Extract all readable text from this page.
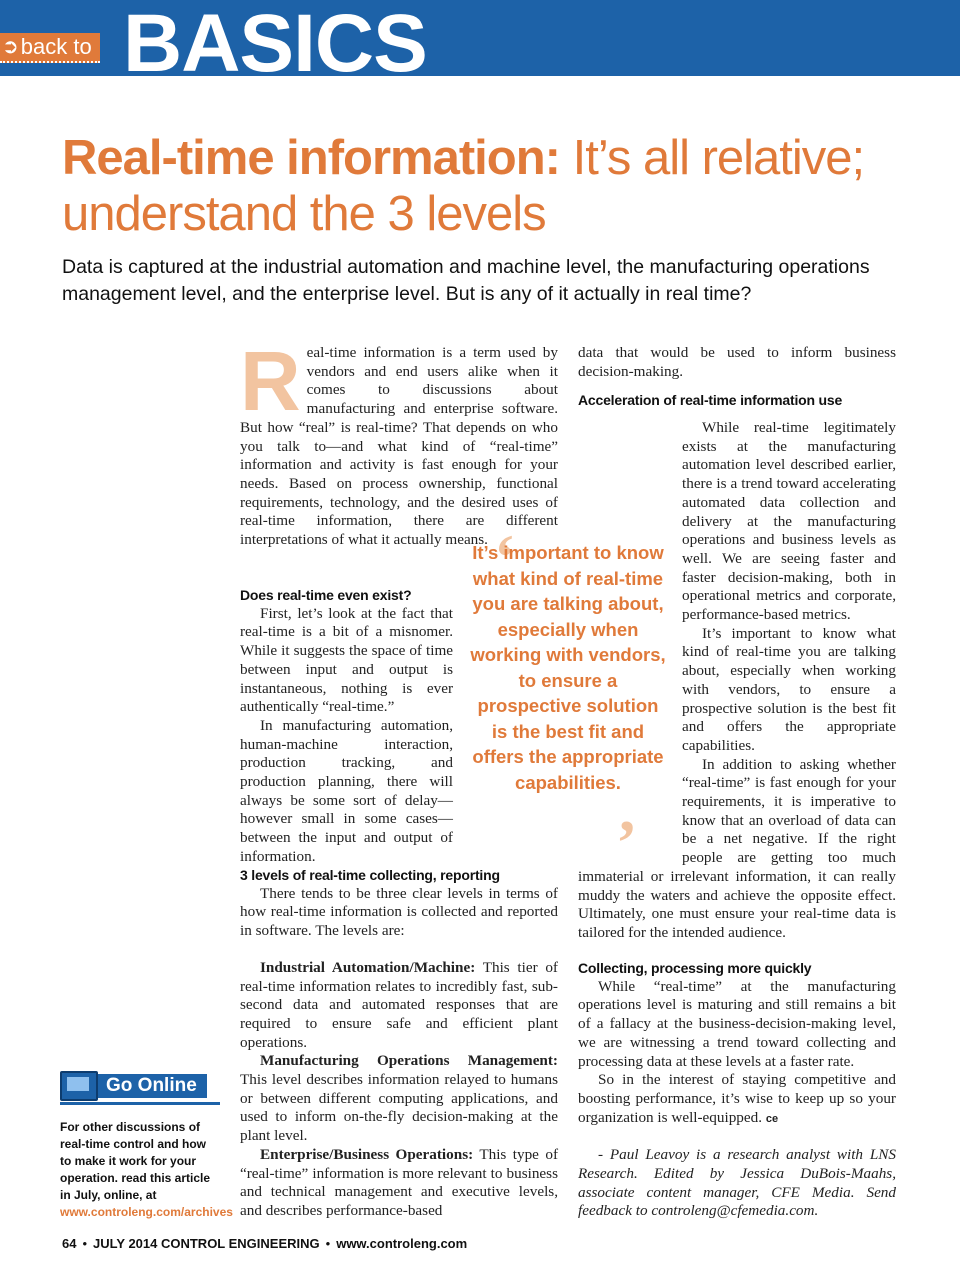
➲ back to BASICS
Real-time information: It’s all relative; understand the 3 levels
Data is captured at the industrial automation and machine level, the manufacturing operations management level, and the enterprise level. But is any of it actually in real time?
R eal-time information is a term used by vendors and end users alike when it comes to discussions about manufacturing and enterprise software. But how “real” is real-time? That depends on who you talk to—and what kind of “real-time” information and activity is fast enough for your needs. Based on process ownership, functional requirements, technology, and the desired uses of real-time information, there are different interpretations of what it actually means.

Does real-time even exist?

First, let’s look at the fact that real-time is a bit of a misnomer. While it suggests the space of time between input and output is instantaneous, nothing is ever authentically “real-time.”

In manufacturing automation, human-machine interaction, production tracking, and production planning, there will always be some sort of delay—however small in some cases—between the input and output of information.

3 levels of real-time collecting, reporting

There tends to be three clear levels in terms of how real-time information is collected and reported in software. The levels are:

Industrial Automation/Machine: This tier of real-time information relates to incredibly fast, sub-second data and automated responses that are required to ensure safe and efficient plant operations.

Manufacturing Operations Management: This level describes information relayed to humans or between different computing applications, and used to inform on-the-fly decision-making at the plant level.

Enterprise/Business Operations: This type of “real-time” information is more relevant to business and technical management and executive levels, and describes performance-based

‘
It’s important to know what kind of real-time you are talking about, especially when working with vendors, to ensure a prospective solution is the best fit and offers the appropriate capabilities.
’

data that would be used to inform business decision-making.

Acceleration of real-time information use

While real-time legitimately exists at the manufacturing automation level described earlier, there is a trend toward accelerating automated data collection and delivery at the manufacturing operations and business levels as well. We are seeing faster and faster decision-making, both in operational metrics and corporate, performance-based metrics.

It’s important to know what kind of real-time you are talking about, especially when working with vendors, to ensure a prospective solution is the best fit and offers the appropriate capabilities.

In addition to asking whether “real-time” is fast enough for your requirements, it is imperative to know that an overload of data can be a net negative. If the right people are getting too much immaterial or irrelevant information, it can really muddy the waters and achieve the opposite effect. Ultimately, one must ensure your real-time data is tailored for the intended audience.

Collecting, processing more quickly

While “real-time” at the manufacturing operations level is maturing and still remains a bit of a fallacy at the business-decision-making level, we are witnessing a trend toward collecting and processing data at these levels at a faster rate.

So in the interest of staying competitive and boosting performance, it’s wise to keep up so your organization is well-equipped. ce

- Paul Leavoy is a research analyst with LNS Research. Edited by Jessica DuBois-Maahs, associate content manager, CFE Media. Send feedback to controleng@cfemedia.com.

Go Online
For other discussions of real-time control and how to make it work for your operation. read this article in July, online, at www.controleng.com/archives
64 • JULY 2014 CONTROL ENGINEERING • www.controleng.com
